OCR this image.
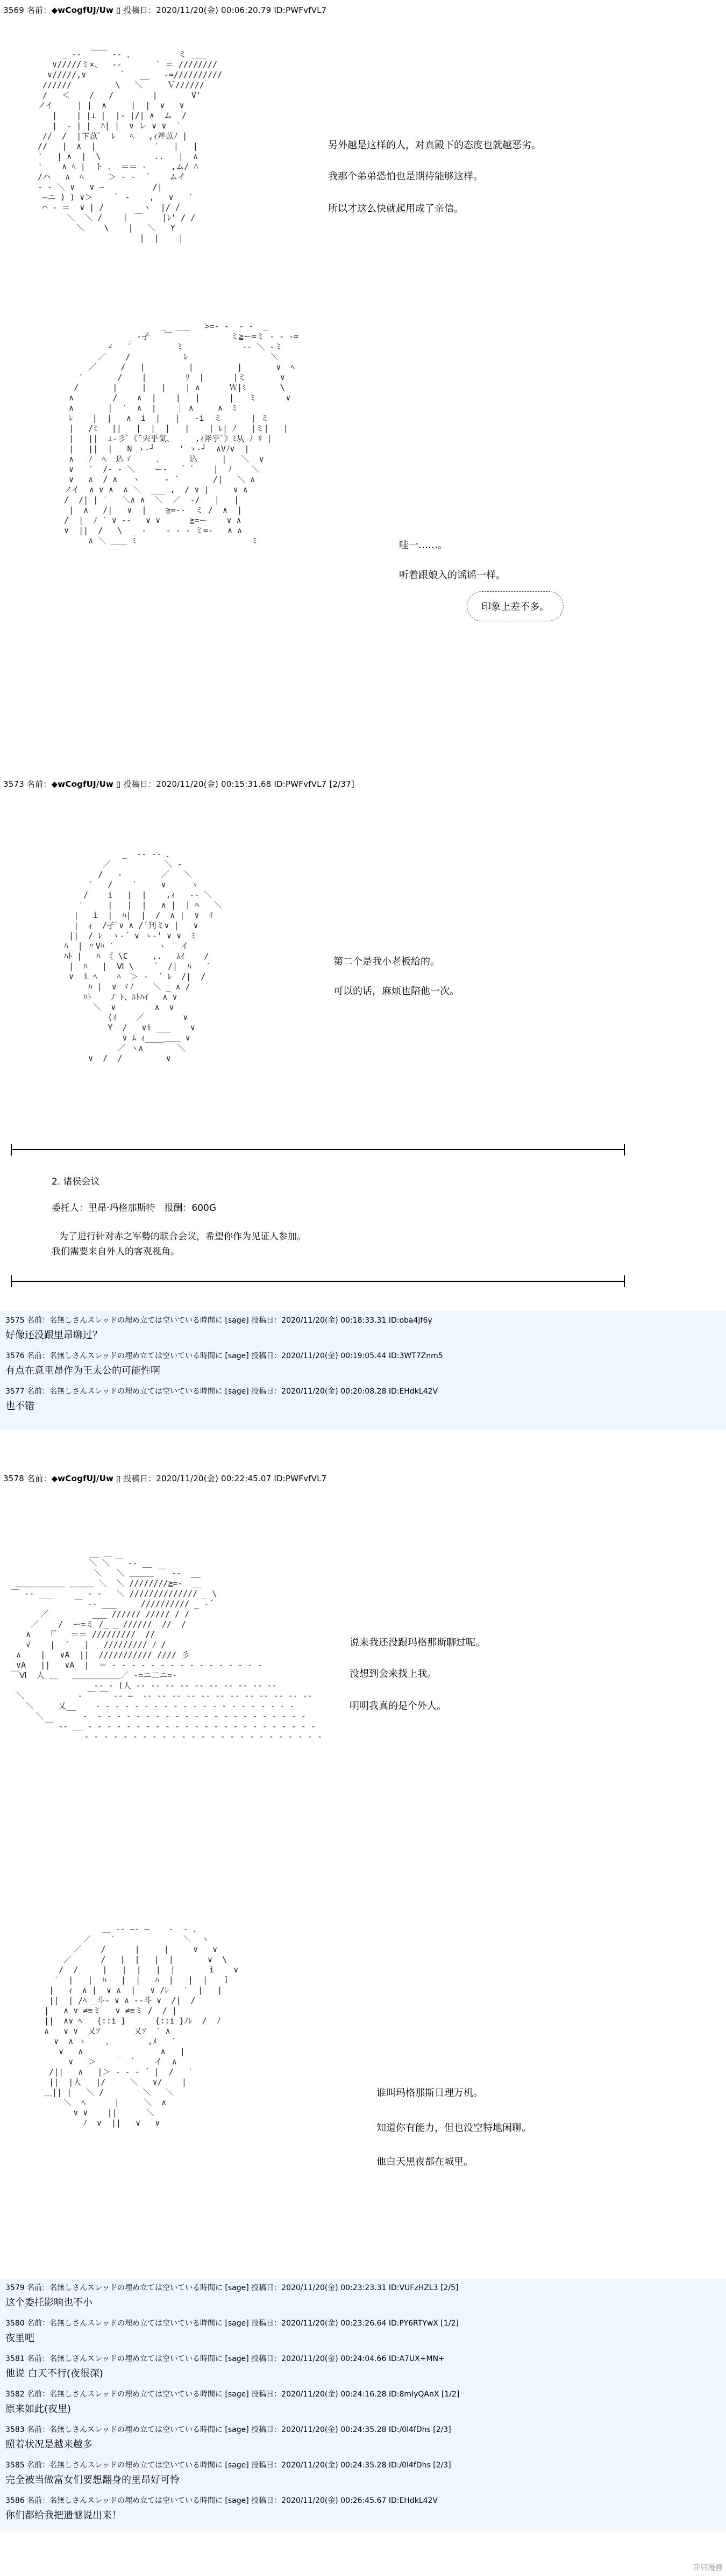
3569 名前：◆wCogfUJ/Uw ▯ 投稿日：2020/11/20(金) 00:06:20.79 ID:PWFvfVL7
_ -‐  ￣￣ ‐- 、         ミ ___
∨/////ミ×、  ‐‐       ` ＝ ////////
∨/////,∨       `   __   -=//////////
//////         \   ＼     Ｖ//////
/   ＜    /   /        |       V'
ノイ     | |  ∧     |  |  ∨   ∨
|    | |⊥ |  |‐ |/| ∧  ム  /
|  ‐ | |  ﾊ| |  ∨ レ ∨ ∨  ′
//  /  |卞苡ﾞ  ﾚ   ﾍ   ,ｨ斧苡ﾉ |
//   |  ∧  |            ′   |   |
'   | ∧  |  \           ..   |  ∧
'    ∧ ﾍ |  ト 、 ＝＝ ‐     ,ム/ ﾊ
/ハ   ∧  ﾍ     ＞ ‐ -  ´    ムイ
‐ - ＼ ∨   ∨ ―          /|
―ニ ) ) ∨＞    ｀ ‐    ,   ∨   ′
⌒ ‐ ＝  ∨ | /        ヽ  |/ /
＼  ＼ /    ｜ ￣    |ﾚ' / /
＼    \    |   ＼   Y
|  |    |
另外越是这样的人，对真殿下的态度也就越恶劣。
我那个弟弟恐怕也是期待能够这样。
所以才这么快就起用成了亲信。
_  ___   >=- ‐  ‐ -  _
_ ‐孑   ￣            ミ≧ー=ミ - - ‐=
∠   ′         ミ            ‐‐ ＼ -ミ
／    /           ﾚ                 ＼
／     /   |         |         |       ∨  ﾍ
′       /    |        ﾘ  |      |ミ       ∨
/       |     |   |    | ∧      Ｗ|ﾐ       \
∧        /    ∧  |    |   |      |   ミ      ∨
∧       |  ′  ∧  |    ｜ ∧     ∧  ﾐ
ﾚ    |  |   ∧  i  |   |   ‐i  ミ      | ミ
|   /ﾐ   ||   |  |  |   |    | ﾚ| ﾉ   |ミ|   |
|   ||  ⊥-彡ﾞ《¨宍乎気､     ,ｨ斧乎ﾞ》ﾐ从 ﾉ ﾘ |
|   ||  |   N ゝ-┘     ' ゝ-┘  ∧Vﾉ∨  |
∧   ﾉ  ﾍ  込ゞ     ､      込     |   ＼  ∨
∨   ′  /‐ - ＼    ー‐    ゙ ´    |  ﾉ    ＼
∨   ∧  / ∧   ヽ     ‐ ´       /|   ＼ ∧
ノイ  ∧ ∨ ∧  ∧ ＼  ___ ,  / ∨ |     ∨ ∧
/  /| | ′   ＼∧ ∧  ＼  ／  -/   |   |
|  ∧   /|   ∨  |    ≧=-‐  ミ /  ∧  |
/  |  ﾉ ′ ∨ -‐   ∨ ∨      ≧=ー    ∨ ∧
∨  ||  /   \  _ ‐    ‐ ‐ ‐ ミ=‐   ∧ ∧
∧ ＼ ＿＿ ﾐ                        ﾐ	哇一……。
听着跟娘入的谣谣一样。
印象上差不多。
3573 名前：◆wCogfUJ/Uw ▯ 投稿日：2020/11/20(金) 00:15:31.68 ID:PWFvfVL7 [2/37]
_  -‐ ‐- 、
／           ＼ ‐
/   ‐        ／   ＼
′   /    ′     ∨     ヽ
/    i   |  |    ,ｨ   ‐‐ ＼
′     |   |  |   ∧ |  | ﾍ   ＼
|   i  |  ﾊ|  |  /  ∧ |  ∨  ｲ
|  ｨ  /孑ﾞ∨ ∧ /´刋ミ∨ |   ∨
||  / ﾚ  ゝ-´ ∨ ゝ-' ∨ ∨  ﾐ
ﾊ  | 〃Vﾊ ′         ヽ ′ イ
ﾊﾄ |   ﾊ 《 \C     ,.   ﾑｲ    /
|  ﾊ   |  Ⅵ \    ´  /|  ﾊ   ′
∨  i ﾍ    ﾊ  ＞ ‐  ´ ﾚ  /|  /
ﾊ |  ∨ ゞﾉ    ＼ _ ∧ /
ﾊﾄ    ﾉ ﾄ、ﾙﾄﾊｲ   ∧ ∨
＼  ∨        ∧  ∨
(ｲ    ／        ∨
Y  /   ∨i ___    ∨
∨ ﾑ ｨ____＿＿ ∨
／ ヽ∧       ＼
∨  /  /         ∨
第二个是我小老板给的。
可以的话，麻烦也陪他一次。
2. 诸侯会议
委托人：里昂·玛格那斯特　报酬：600G
为了进行针对赤之军勢的联合会议，希望你作为见证人参加。
我们需要来自外人的客观视角。
3575 名前：名無しさんスレッドの埋め立ては空いている時間に [sage] 投稿日：2020/11/20(金) 00:18:33.31 ID:oba4Jf6y
好像还没跟里昂聊过？
3576 名前：名無しさんスレッドの埋め立ては空いている時間に [sage] 投稿日：2020/11/20(金) 00:19:05.44 ID:3WT7Znm5
有点在意里昂作为王太公的可能性啊
3577 名前：名無しさんスレッドの埋め立ては空いている時間に [sage] 投稿日：2020/11/20(金) 00:20:08.28 ID:EHdkL42V
也不错
3578 名前：◆wCogfUJ/Uw ▯ 投稿日：2020/11/20(金) 00:22:45.07 ID:PWFvfVL7
__ ＿
＼ ＼ ￣ ‐- __
＼   ＼ ＿＿＿ ￣ ‐‐  __
＿＿＿＿＿＿ ＿＿＿ ＼  ＼ ////////≧=‐  __
￣ ‐‐ ___       ‐ ‐   ＼ ////////////// _ \
￣ ‐‐ ___     ////////// _ -´
／         ___ ////// ///// / /
／    /  ー=ミ /_ _ //////  //  /
∧    ｢ ゙   ＝＝ /////////  //
√    |  ′   |   ///////// ﾉ /
∧    |   ∨A  ||  /////////// //// 彡
∨A   ||   ∨A  |  ＝ ‐ ‐ ‐ ‐ ‐ ‐ ‐ ‐ ‐ ‐ ‐ ‐ ‐ ‐ ‐ ‐
￣Ⅵ  人 ＿   ＿＿＿＿＿＿／ ‐=ニ二ニ=‐
‐‐ ‐ (人 ‐‐ ‐‐ ‐‐ ‐‐ ‐‐ ‐‐ ‐‐ ‐‐ ‐‐ ‐‐
＼           ‐ ￣ ￣ ‐‐ ―  ‐‐ ‐‐ ‐‐ ‐‐ ‐‐ ‐‐ ‐‐ ‐‐ ‐‐ ‐‐ ‐‐ ‐‐
＼     乂__    ‐ ‐ ‐ ‐ ‐ ‐ ‐ ‐ ‐ ‐ ‐ ‐ ‐ ‐ ‐ ‐ ‐ ‐ ‐ ‐ ‐
＼        ‐  ‐ ‐ ‐ ‐ ‐ ‐ ‐ ‐ ‐ ‐ ‐ ‐ ‐ ‐ ‐ ‐ ‐ ‐ ‐ ‐ ‐ ‐
￣ ‐‐ __ ‐ ‐ ‐ ‐ ‐ ‐ ‐ ‐ ‐ ‐ ‐ ‐ ‐ ‐ ‐ ‐ ‐ ‐ ‐ ‐ ‐ ‐ ‐ ‐
‐ ‐ ‐ ‐ ‐ ‐ ‐ ‐ ‐ ‐ ‐ ‐ ‐ ‐ ‐ ‐ ‐ ‐ ‐ ‐ ‐ ‐ ‐ ‐ ‐
说来我还没跟玛格那斯聊过呢。
没想到会来找上我。
明明我真的是个外人。
＿ ‐‐ ―‐ ―    ‐  ‐ 、
／    ′              ＼  ヽ
／    /      |     |     ∨   ∨
／      /   |  |   |  |       ∨  \
/  /     |   |  |   |  |       i    ∨
′  |   |  ﾊ   |  |   ﾊ  |   |  |   ｌ
|   ｨ  ∧ |  ∨ ∧  |   ∨ /ﾚ   ′  |   |
||  | /ﾍ _斗‐ ∨ ∧ ‐-斗 ∨  /|  /
|   ∧ ∨ ≠≡ミ   ∨ ≠≡ミ /  / |
||  ∧∨ ﾍ   {::i }      {::i }ﾉﾚ  /  ﾉ
∧   ∨ ∨  乂ｿ       乂ｿ  ′ ∧
∨  ∧ ゝ    、       ,ﾒ   ′
∨   ∧       _        ∧   |
∨   ＞       ´    イ  ∧
/||   ∧   |＞ ‐ ‐ ‐ ´ |  /   ′
||  |人   |/     ＼   ∨/    |
＿|| |   ＼ /        ＼   ＼
＼  ﾍ      |     ＼  ∧
∨ ∨    ||      ＼
ﾉ  ∨  ||   ∨   ∨
谁叫玛格那斯日理万机。
知道你有能力，但也没空特地闲聊。
他白天黑夜都在城里。
3579 名前：名無しさんスレッドの埋め立ては空いている時間に [sage] 投稿日：2020/11/20(金) 00:23:23.31 ID:VUFzHZL3 [2/5]
这个委托影响也不小
3580 名前：名無しさんスレッドの埋め立ては空いている時間に [sage] 投稿日：2020/11/20(金) 00:23:26.64 ID:PY6RTYwX [1/2]
夜里吧
3581 名前：名無しさんスレッドの埋め立ては空いている時間に [sage] 投稿日：2020/11/20(金) 00:24:04.66 ID:A7UX+MN+
他说 白天不行(夜很深)
3582 名前：名無しさんスレッドの埋め立ては空いている時間に [sage] 投稿日：2020/11/20(金) 00:24:16.28 ID:8mIyQAnX [1/2]
原来如此(夜里)
3583 名前：名無しさんスレッドの埋め立ては空いている時間に [sage] 投稿日：2020/11/20(金) 00:24:35.28 ID:/0l4fDhs [2/3]
照着状况是越来越多
3585 名前：名無しさんスレッドの埋め立ては空いている時間に [sage] 投稿日：2020/11/20(金) 00:24:35.28 ID:/0l4fDhs [2/3]
完全被当做富女们要想翻身的里昂好可怜
3586 名前：名無しさんスレッドの埋め立ては空いている時間に [sage] 投稿日：2020/11/20(金) 00:26:45.67 ID:EHdkL42V
你们都给我把遗憾说出来！
开只漫画
